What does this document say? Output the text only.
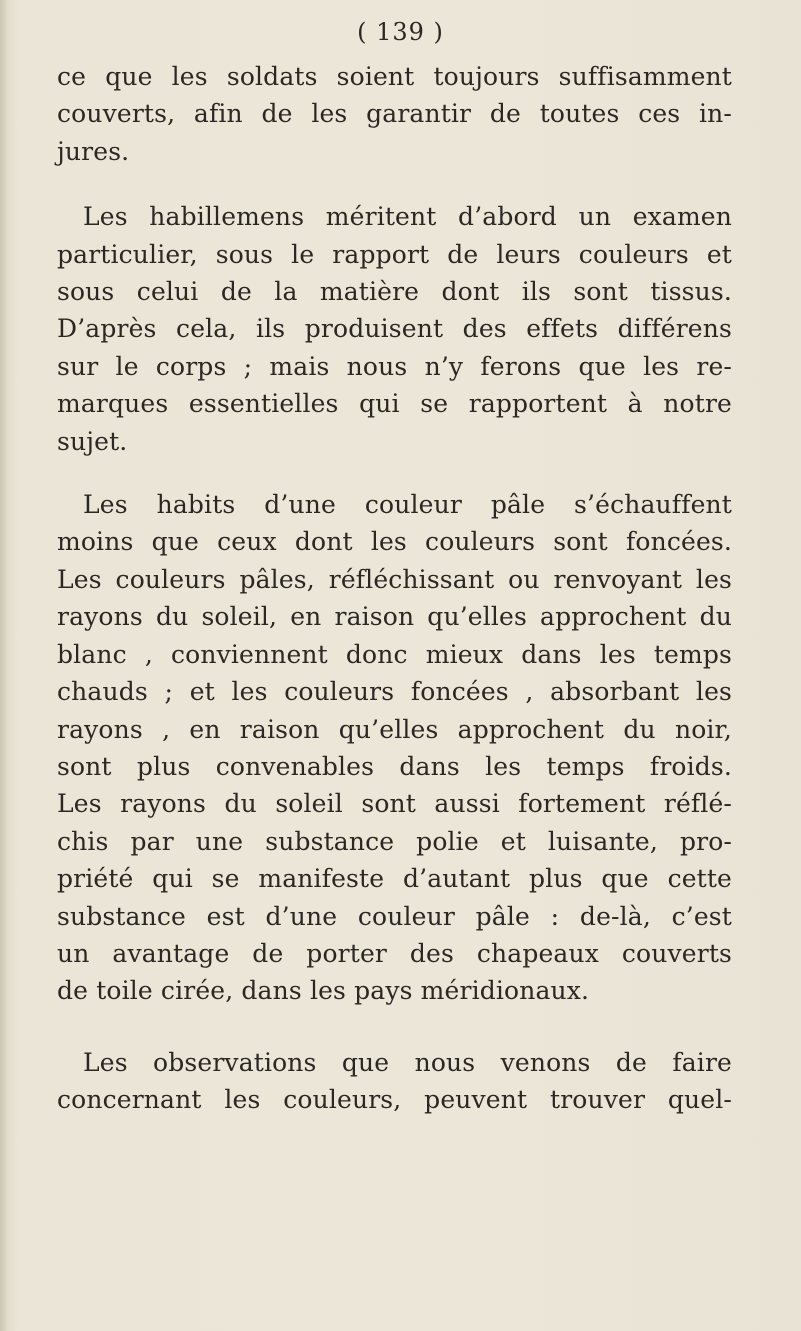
( 139 )

ce que les soldats soient toujours suffisamment
couverts, afin de les garantir de toutes ces in-
jures.

Les habillemens méritent d’abord un examen
particulier, sous le rapport de leurs couleurs et
sous celui de la matière dont ils sont tissus.
D’après cela, ils produisent des effets différens
sur le corps ; mais nous n’y ferons que les re-
marques essentielles qui se rapportent à notre
sujet.

Les habits d’une couleur pâle s’échauffent
moins que ceux dont les couleurs sont foncées.
Les couleurs pâles, réfléchissant ou renvoyant les
rayons du soleil, en raison qu’elles approchent du
blanc , conviennent donc mieux dans les temps
chauds ; et les couleurs foncées , absorbant les
rayons , en raison qu’elles approchent du noir,
sont plus convenables dans les temps froids.
Les rayons du soleil sont aussi fortement réflé-
chis par une substance polie et luisante, pro-
priété qui se manifeste d’autant plus que cette
substance est d’une couleur pâle : de-là, c’est
un avantage de porter des chapeaux couverts
de toile cirée, dans les pays méridionaux.

Les observations que nous venons de faire
concernant les couleurs, peuvent trouver quel-
